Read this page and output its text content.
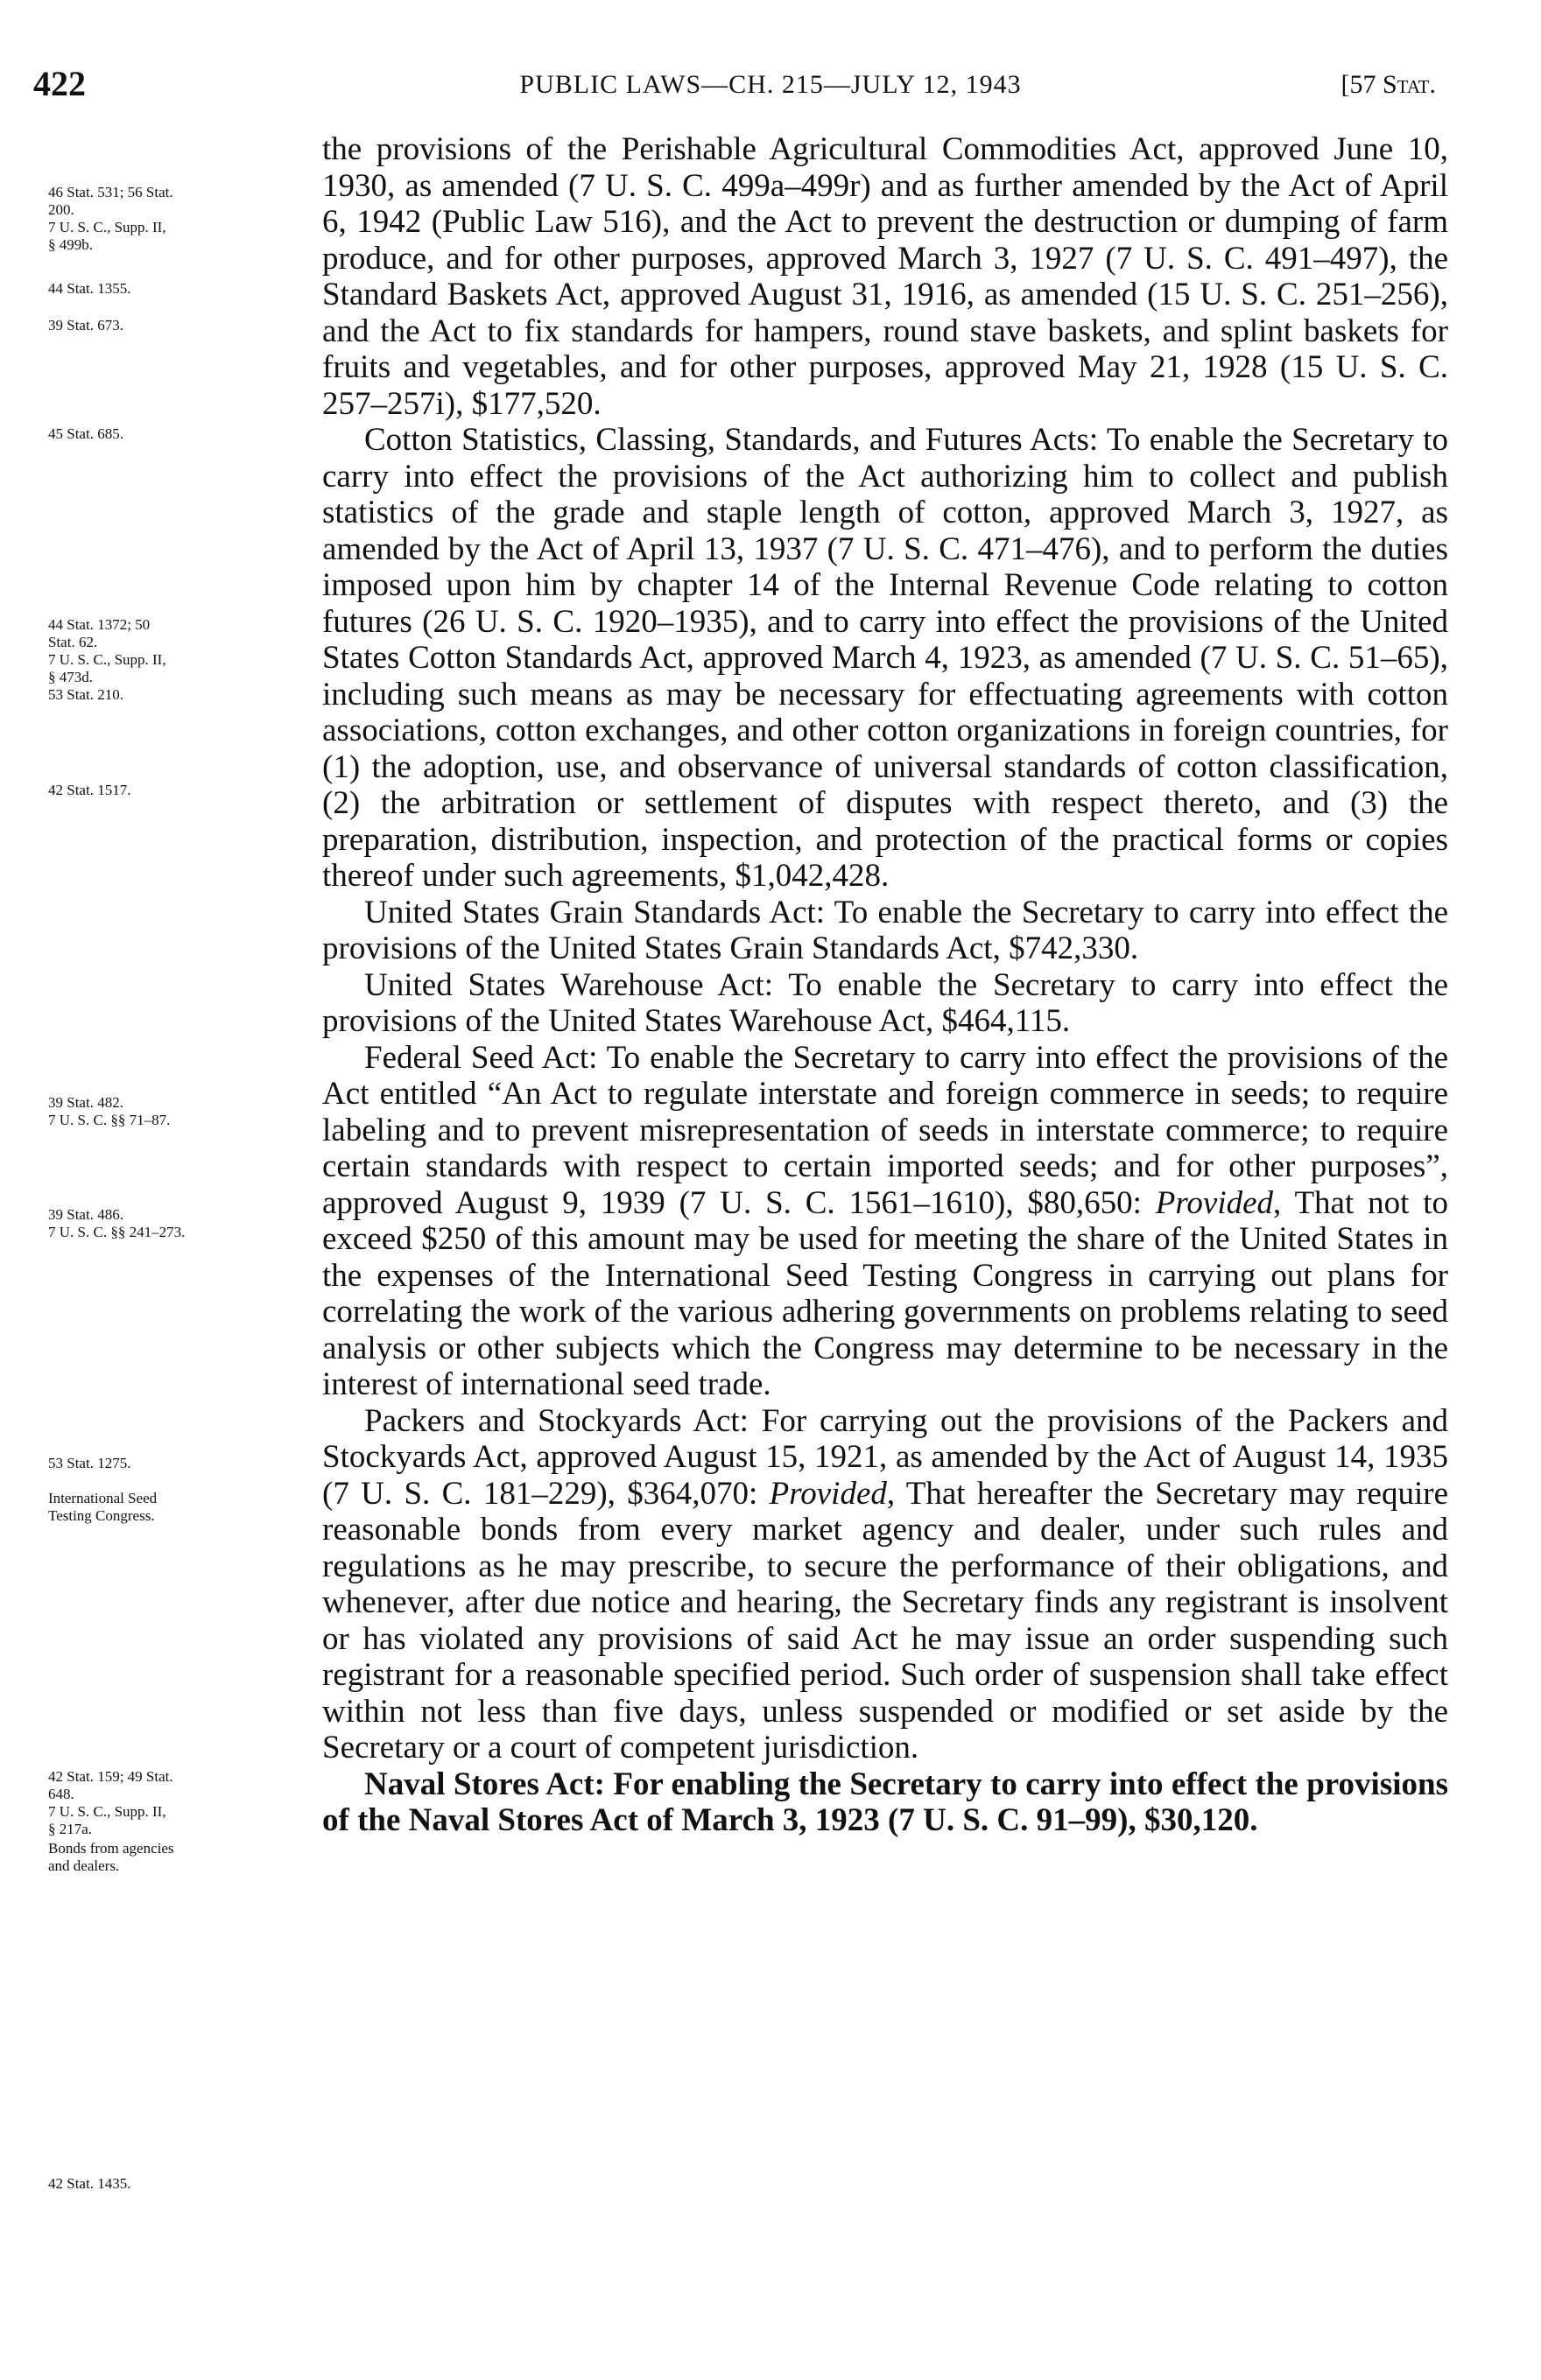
422	PUBLIC LAWS—CH. 215—JULY 12, 1943	[57 Stat.
46 Stat. 531; 56 Stat.
200.
7 U. S. C., Supp. II,
§ 499b.
44 Stat. 1355.
39 Stat. 673.
45 Stat. 685.
44 Stat. 1372; 50
Stat. 62.
7 U. S. C., Supp. II,
§ 473d.
53 Stat. 210.
42 Stat. 1517.
39 Stat. 482.
7 U. S. C. §§ 71–87.
39 Stat. 486.
7 U. S. C. §§ 241–273.
53 Stat. 1275.
International Seed
Testing Congress.
42 Stat. 159; 49 Stat.
648.
7 U. S. C., Supp. II,
§ 217a.
Bonds from agencies
and dealers.
42 Stat. 1435.

the provisions of the Perishable Agricultural Commodities Act, approved June 10, 1930, as amended (7 U. S. C. 499a–499r) and as further amended by the Act of April 6, 1942 (Public Law 516), and the Act to prevent the destruction or dumping of farm produce, and for other purposes, approved March 3, 1927 (7 U. S. C. 491–497), the Standard Baskets Act, approved August 31, 1916, as amended (15 U. S. C. 251–256), and the Act to fix standards for hampers, round stave baskets, and splint baskets for fruits and vegetables, and for other purposes, approved May 21, 1928 (15 U. S. C. 257–257i), $177,520.

Cotton Statistics, Classing, Standards, and Futures Acts: To enable the Secretary to carry into effect the provisions of the Act authorizing him to collect and publish statistics of the grade and staple length of cotton, approved March 3, 1927, as amended by the Act of April 13, 1937 (7 U. S. C. 471–476), and to perform the duties imposed upon him by chapter 14 of the Internal Revenue Code relating to cotton futures (26 U. S. C. 1920–1935), and to carry into effect the provisions of the United States Cotton Standards Act, approved March 4, 1923, as amended (7 U. S. C. 51–65), including such means as may be necessary for effectuating agreements with cotton associations, cotton exchanges, and other cotton organizations in foreign countries, for (1) the adoption, use, and observance of universal standards of cotton classification, (2) the arbitration or settlement of disputes with respect thereto, and (3) the preparation, distribution, inspection, and protection of the practical forms or copies thereof under such agreements, $1,042,428.

United States Grain Standards Act: To enable the Secretary to carry into effect the provisions of the United States Grain Standards Act, $742,330.

United States Warehouse Act: To enable the Secretary to carry into effect the provisions of the United States Warehouse Act, $464,115.

Federal Seed Act: To enable the Secretary to carry into effect the provisions of the Act entitled “An Act to regulate interstate and foreign commerce in seeds; to require labeling and to prevent misrepresentation of seeds in interstate commerce; to require certain standards with respect to certain imported seeds; and for other purposes”, approved August 9, 1939 (7 U. S. C. 1561–1610), $80,650: Provided, That not to exceed $250 of this amount may be used for meeting the share of the United States in the expenses of the International Seed Testing Congress in carrying out plans for correlating the work of the various adhering governments on problems relating to seed analysis or other subjects which the Congress may determine to be necessary in the interest of international seed trade.

Packers and Stockyards Act: For carrying out the provisions of the Packers and Stockyards Act, approved August 15, 1921, as amended by the Act of August 14, 1935 (7 U. S. C. 181–229), $364,070: Provided, That hereafter the Secretary may require reasonable bonds from every market agency and dealer, under such rules and regulations as he may prescribe, to secure the performance of their obligations, and whenever, after due notice and hearing, the Secretary finds any registrant is insolvent or has violated any provisions of said Act he may issue an order suspending such registrant for a reasonable specified period. Such order of suspension shall take effect within not less than five days, unless suspended or modified or set aside by the Secretary or a court of competent jurisdiction.

Naval Stores Act: For enabling the Secretary to carry into effect the provisions of the Naval Stores Act of March 3, 1923 (7 U. S. C. 91–99), $30,120.
